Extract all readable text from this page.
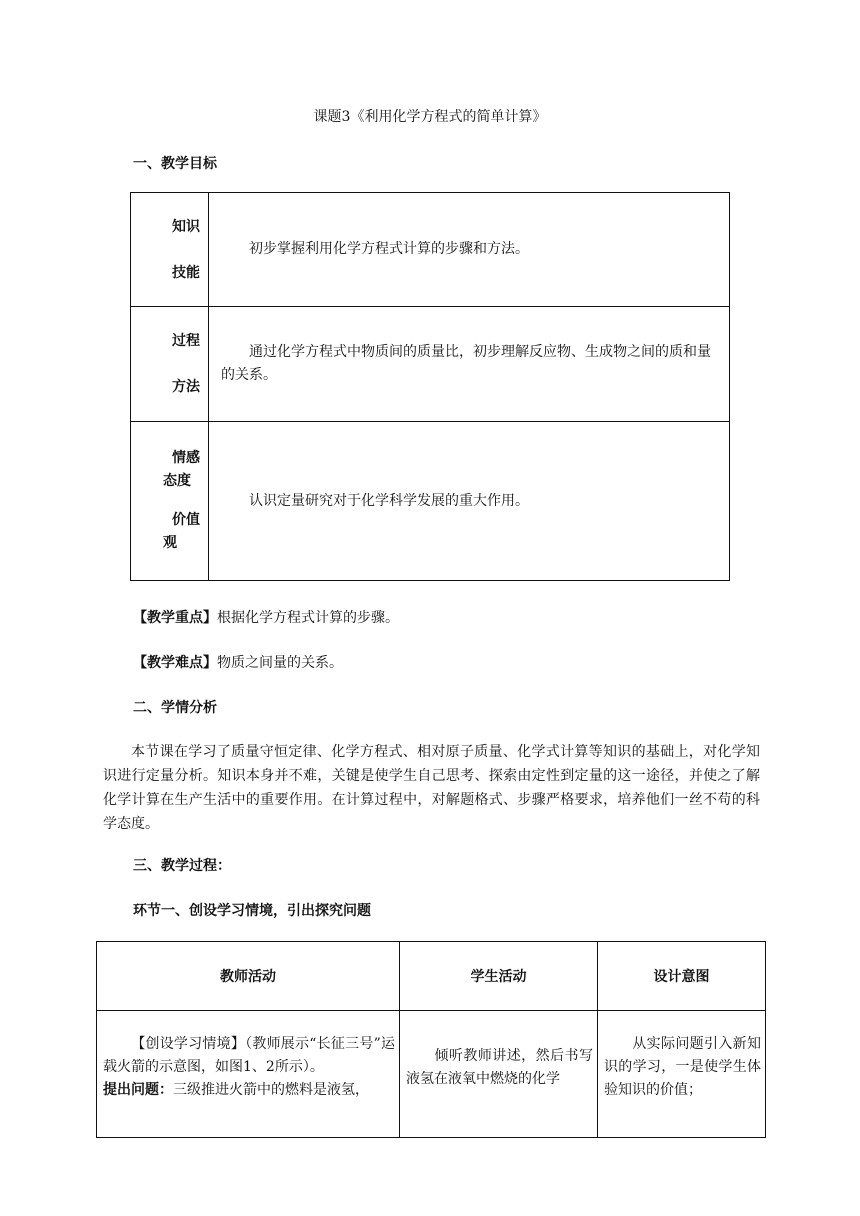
课题3《利用化学方程式的简单计算》
一、教学目标
知识
技能	初步掌握利用化学方程式计算的步骤和方法。

过程
方法	通过化学方程式中物质间的质量比，初步理解反应物、生成物之间的质和量的关系。

情感
态度
价值
观	认识定量研究对于化学科学发展的重大作用。
【教学重点】根据化学方程式计算的步骤。
【教学难点】物质之间量的关系。
二、学情分析
本节课在学习了质量守恒定律、化学方程式、相对原子质量、化学式计算等知识的基础上，对化学知识进行定量分析。知识本身并不难，关键是使学生自己思考、探索由定性到定量的这一途径，并使之了解化学计算在生产生活中的重要作用。在计算过程中，对解题格式、步骤严格要求，培养他们一丝不苟的科学态度。
三、教学过程：
环节一、创设学习情境，引出探究问题
教师活动	学生活动	设计意图
【创设学习情境】（教师展示“长征三号”运载火箭的示意图，如图1、2所示）。
提出问题：三级推进火箭中的燃料是液氢，	倾听教师讲述，然后书写液氢在液氧中燃烧的化学	从实际问题引入新知识的学习，一是使学生体验知识的价值；
